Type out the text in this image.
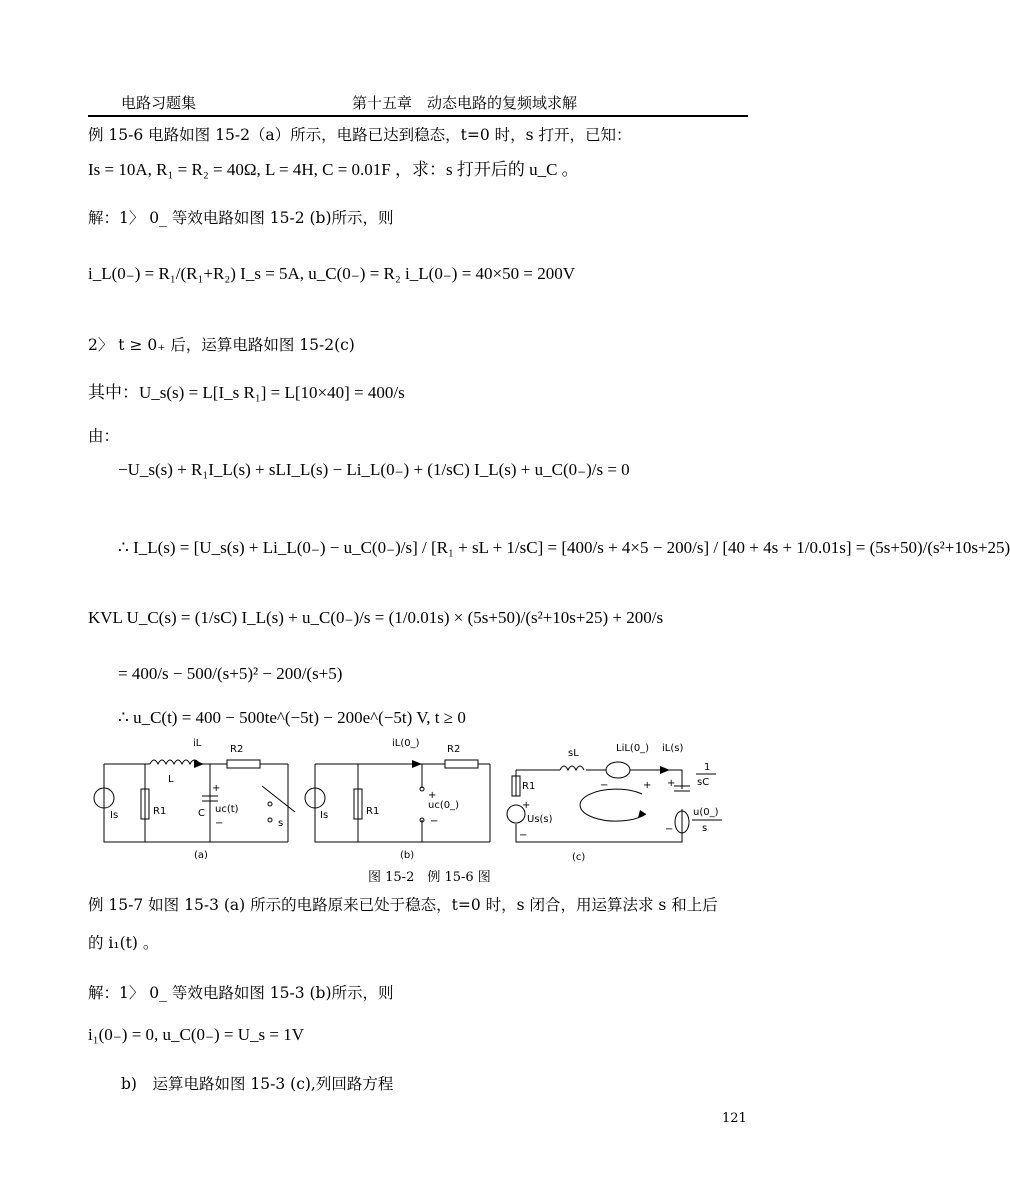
电路习题集	第十五章　动态电路的复频域求解
例 15-6 电路如图 15-2（a）所示，电路已达到稳态，t=0 时，s 打开，已知：
Is = 10A, R₁ = R₂ = 40Ω, L = 4H, C = 0.01F ，求：s 打开后的 u_C 。
解：1〉 0_ 等效电路如图 15-2 (b)所示，则
i_L(0₋) = R₁/(R₁+R₂) I_s = 5A, u_C(0₋) = R₂ i_L(0₋) = 40×50 = 200V
2〉 t ≥ 0₊ 后，运算电路如图 15-2(c)
其中：U_s(s) = L[I_s R₁] = L[10×40] = 400/s
由：
−U_s(s) + R₁I_L(s) + sLI_L(s) − Li_L(0₋) + (1/sC) I_L(s) + u_C(0₋)/s = 0
∴ I_L(s) = [U_s(s) + Li_L(0₋) − u_C(0₋)/s] / [R₁ + sL + 1/sC] = [400/s + 4×5 − 200/s] / [40 + 4s + 1/0.01s] = (5s+50)/(s²+10s+25)
KVL U_C(s) = (1/sC) I_L(s) + u_C(0₋)/s = (1/0.01s) × (5s+50)/(s²+10s+25) + 200/s
= 400/s − 500/(s+5)² − 200/(s+5)
∴ u_C(t) = 400 − 500te^(−5t) − 200e^(−5t) V, t ≥ 0
iL
R2
L
Is	R1	C
+
uc(t)
−	s
(a)
iL(0_)
R2
Is	R1
+
uc(0_)
−
(b)
sL	LiL(0_) iL(s)
R1
+
Us(s)
−
−	+
1
sC
+
u(0_)
s
−
(c)
图 15-2　例 15-6 图
例 15-7 如图 15-3 (a) 所示的电路原来已处于稳态，t=0 时，s 闭合，用运算法求 s 和上后
的 i₁(t) 。
解：1〉 0_ 等效电路如图 15-3 (b)所示，则
i₁(0₋) = 0, u_C(0₋) = U_s = 1V
b)　运算电路如图 15-3 (c),列回路方程
121
